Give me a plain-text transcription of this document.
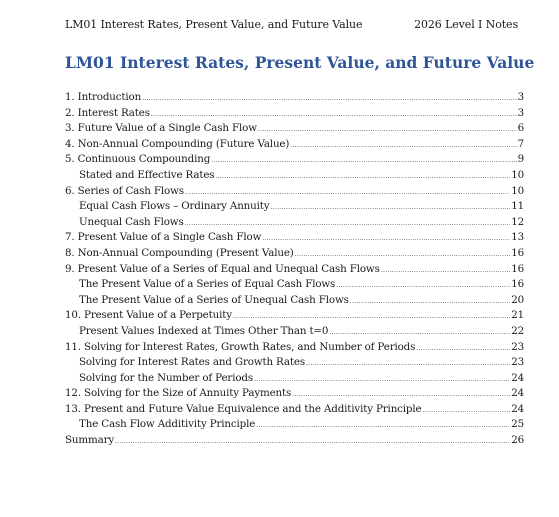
LM01 Interest Rates, Present Value, and Future Value	2026 Level I Notes
LM01 Interest Rates, Present Value, and Future Value
1. Introduction .....	3
2. Interest Rates .....	3
3. Future Value of a Single Cash Flow .....	6
4. Non-Annual Compounding (Future Value) .....	7
5. Continuous Compounding .....	9
Stated and Effective Rates .....	10
6. Series of Cash Flows .....	10
Equal Cash Flows – Ordinary Annuity .....	11
Unequal Cash Flows .....	12
7. Present Value of a Single Cash Flow .....	13
8. Non-Annual Compounding (Present Value) .....	16
9. Present Value of a Series of Equal and Unequal Cash Flows .....	16
The Present Value of a Series of Equal Cash Flows .....	16
The Present Value of a Series of Unequal Cash Flows .....	20
10. Present Value of a Perpetuity .....	21
Present Values Indexed at Times Other Than t=0 .....	22
11. Solving for Interest Rates, Growth Rates, and Number of Periods .....	23
Solving for Interest Rates and Growth Rates .....	23
Solving for the Number of Periods .....	24
12. Solving for the Size of Annuity Payments .....	24
13. Present and Future Value Equivalence and the Additivity Principle .....	24
The Cash Flow Additivity Principle .....	25
Summary .....	26
